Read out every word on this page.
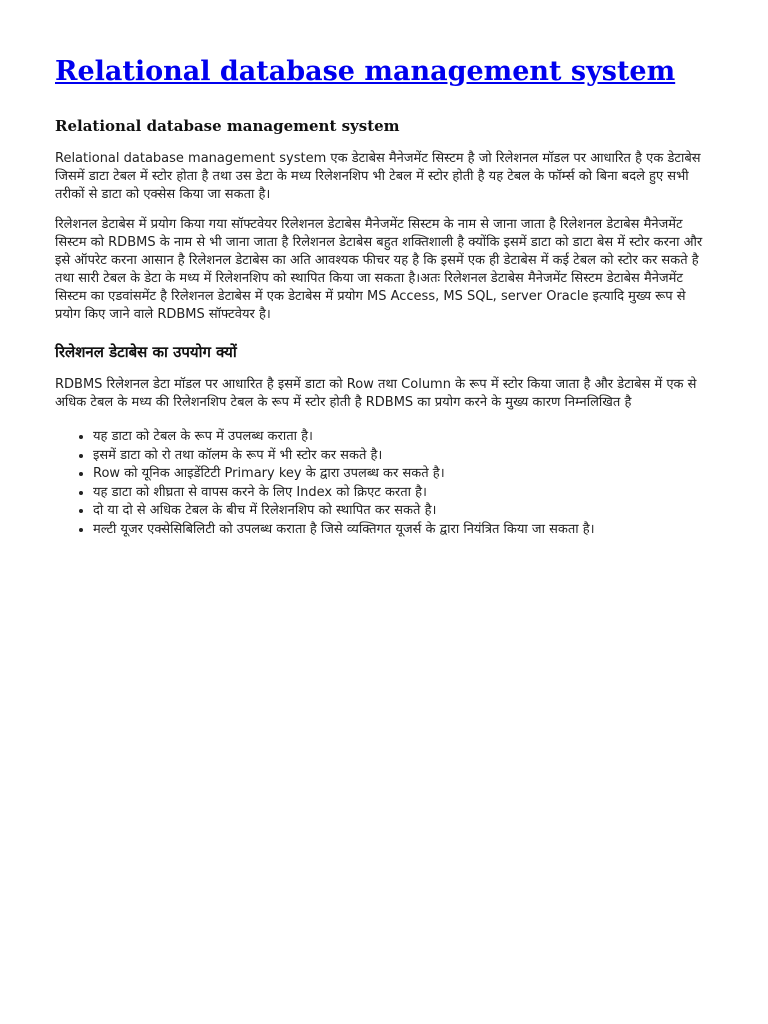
Relational database management system
Relational database management system

Relational database management system एक डेटाबेस मैनेजमेंट सिस्टम है जो रिलेशनल मॉडल पर आधारित है एक डेटाबेस जिसमें डाटा टेबल में स्टोर होता है तथा उस डेटा के मध्य रिलेशनशिप भी टेबल में स्टोर होती है यह टेबल के फॉर्म्स को बिना बदले हुए सभी तरीकों से डाटा को एक्सेस किया जा सकता है।

रिलेशनल डेटाबेस में प्रयोग किया गया सॉफ्टवेयर रिलेशनल डेटाबेस मैनेजमेंट सिस्टम के नाम से जाना जाता है रिलेशनल डेटाबेस मैनेजमेंट सिस्टम को RDBMS के नाम से भी जाना जाता है रिलेशनल डेटाबेस बहुत शक्तिशाली है क्योंकि इसमें डाटा को डाटा बेस में स्टोर करना और इसे ऑपरेट करना आसान है रिलेशनल डेटाबेस का अति आवश्यक फीचर यह है कि इसमें एक ही डेटाबेस में कई टेबल को स्टोर कर सकते है तथा सारी टेबल के डेटा के मध्य में रिलेशनशिप को स्थापित किया जा सकता है।अतः रिलेशनल डेटाबेस मैनेजमेंट सिस्टम डेटाबेस मैनेजमेंट सिस्टम का एडवांसमेंट है रिलेशनल डेटाबेस में एक डेटाबेस में प्रयोग MS Access, MS SQL, server Oracle इत्यादि मुख्य रूप से प्रयोग किए जाने वाले RDBMS सॉफ्टवेयर है।

रिलेशनल डेटाबेस का उपयोग क्यों

RDBMS रिलेशनल डेटा मॉडल पर आधारित है इसमें डाटा को Row तथा Column के रूप में स्टोर किया जाता है और डेटाबेस में एक से अधिक टेबल के मध्य की रिलेशनशिप टेबल के रूप में स्टोर होती है RDBMS का प्रयोग करने के मुख्य कारण निम्नलिखित है

• यह डाटा को टेबल के रूप में उपलब्ध कराता है।
• इसमें डाटा को रो तथा कॉलम के रूप में भी स्टोर कर सकते है।
• Row को यूनिक आइडेंटिटी Primary key के द्वारा उपलब्ध कर सकते है।
• यह डाटा को शीघ्रता से वापस करने के लिए Index को क्रिएट करता है।
• दो या दो से अधिक टेबल के बीच में रिलेशनशिप को स्थापित कर सकते है।
• मल्टी यूजर एक्सेसिबिलिटी को उपलब्ध कराता है जिसे व्यक्तिगत यूजर्स के द्वारा नियंत्रित किया जा सकता है।
